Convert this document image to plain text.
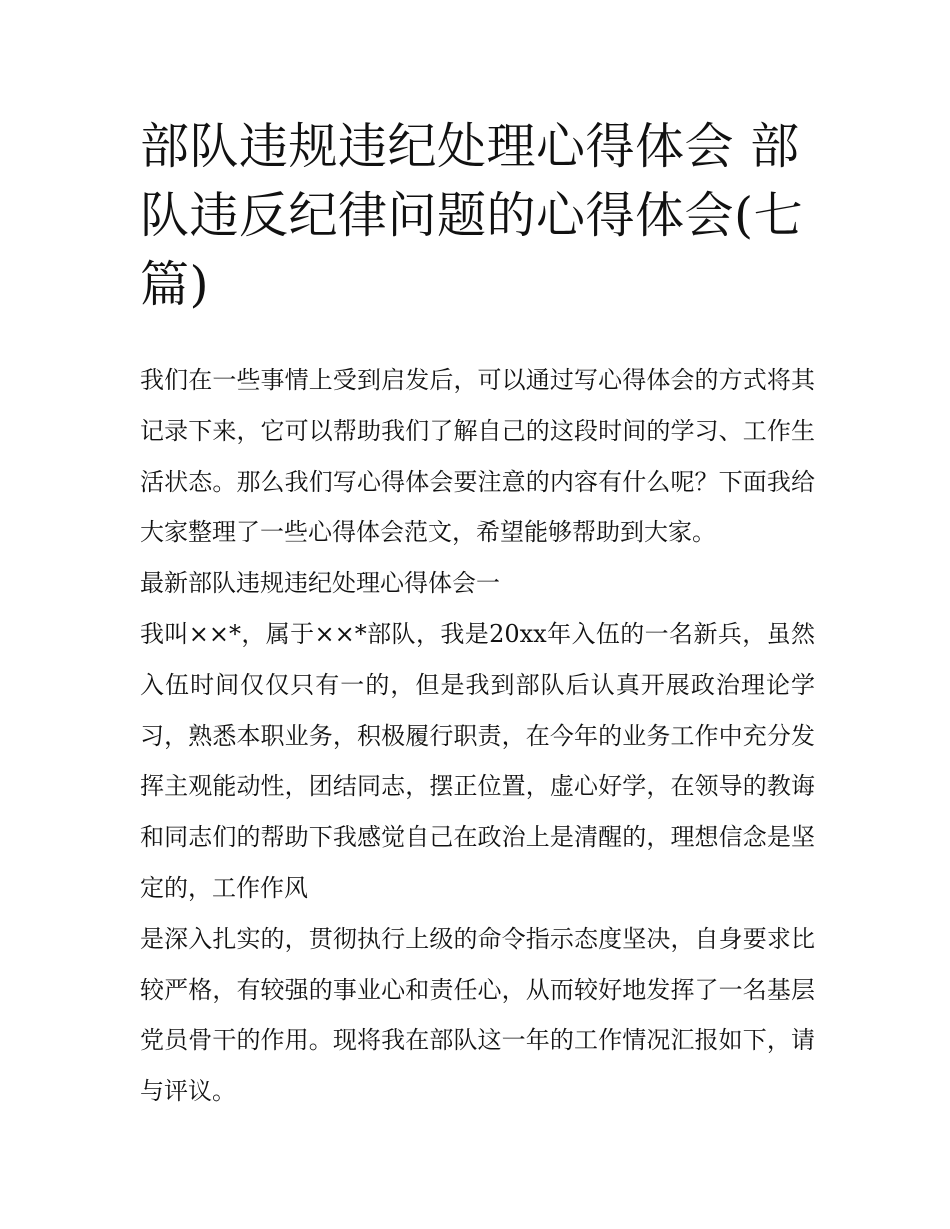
部队违规违纪处理心得体会 部队违反纪律问题的心得体会(七篇)

我们在一些事情上受到启发后，可以通过写心得体会的方式将其记录下来，它可以帮助我们了解自己的这段时间的学习、工作生活状态。那么我们写心得体会要注意的内容有什么呢？下面我给大家整理了一些心得体会范文，希望能够帮助到大家。

最新部队违规违纪处理心得体会一

我叫××*，属于××*部队，我是20xx年入伍的一名新兵，虽然入伍时间仅仅只有一的，但是我到部队后认真开展政治理论学习，熟悉本职业务，积极履行职责，在今年的业务工作中充分发挥主观能动性，团结同志，摆正位置，虚心好学，在领导的教诲和同志们的帮助下我感觉自己在政治上是清醒的，理想信念是坚定的，工作作风

是深入扎实的，贯彻执行上级的命令指示态度坚决，自身要求比较严格，有较强的事业心和责任心，从而较好地发挥了一名基层党员骨干的作用。现将我在部队这一年的工作情况汇报如下，请与评议。
